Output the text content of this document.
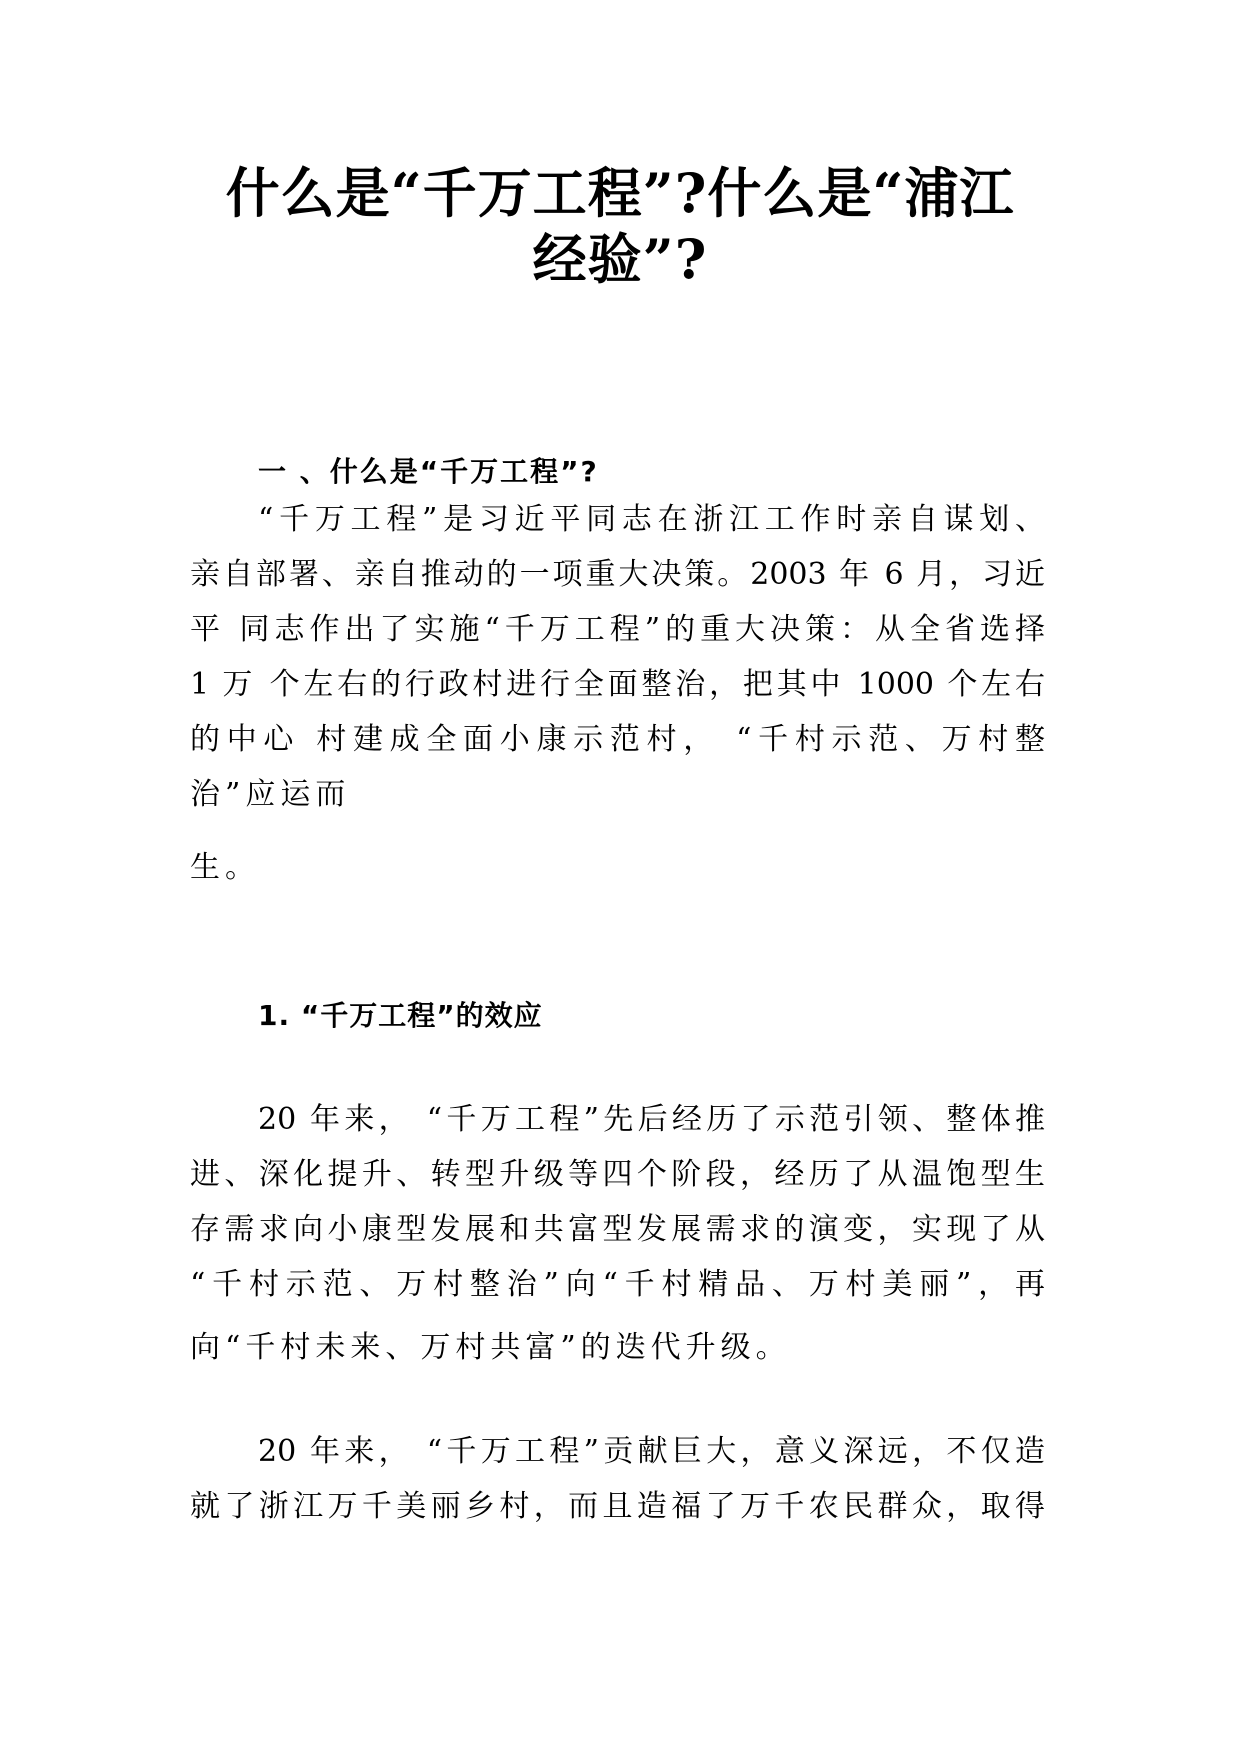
什么是“千万工程”?什么是“浦江
经验”?
一 、什么是“千万工程”?
“千万工程”是习近平同志在浙江工作时亲自谋划、
亲自部署、亲自推动的一项重大决策。2003 年 6 月，习近
平 同志作出了实施“千万工程”的重大决策：从全省选择
1 万 个左右的行政村进行全面整治，把其中 1000 个左右
的中心 村建成全面小康示范村， “千村示范、万村整
治”应运而
生。
1. “千万工程”的效应
20 年来， “千万工程”先后经历了示范引领、整体推
进、深化提升、转型升级等四个阶段，经历了从温饱型生
存需求向小康型发展和共富型发展需求的演变，实现了从
“千村示范、万村整治”向“千村精品、万村美丽”，再
向“千村未来、万村共富”的迭代升级。
20 年来， “千万工程”贡献巨大，意义深远，不仅造
就了浙江万千美丽乡村，而且造福了万千农民群众，取得
